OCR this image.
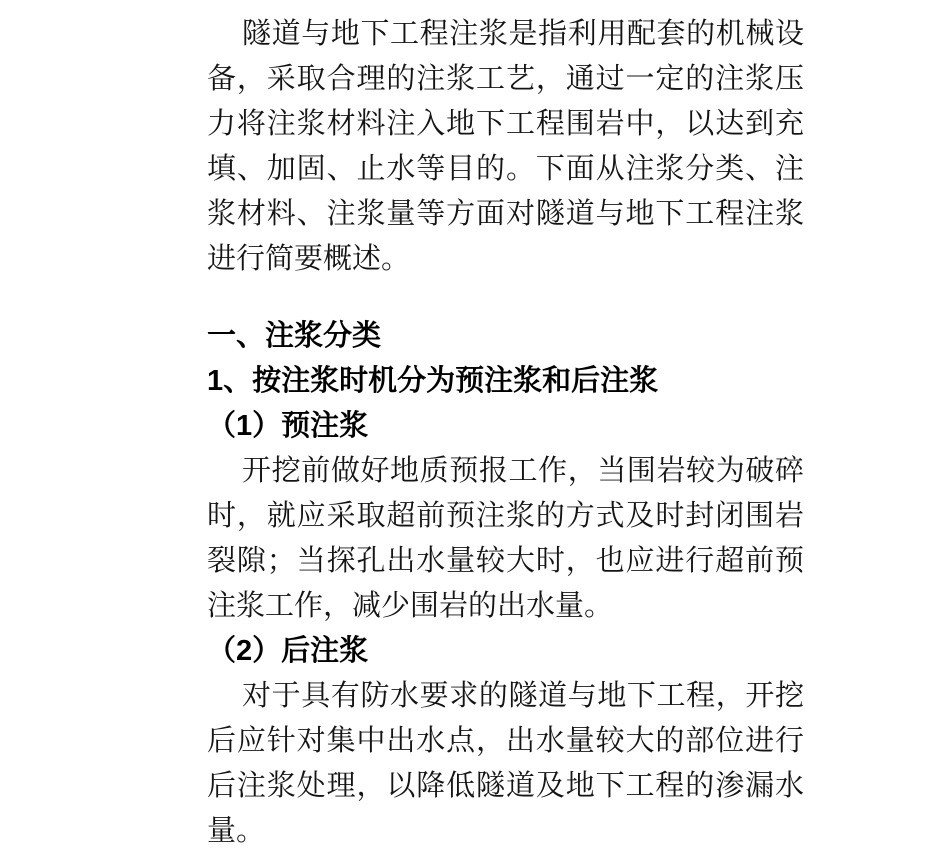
隧道与地下工程注浆是指利用配套的机械设备，采取合理的注浆工艺，通过一定的注浆压力将注浆材料注入地下工程围岩中，以达到充填、加固、止水等目的。下面从注浆分类、注浆材料、注浆量等方面对隧道与地下工程注浆进行简要概述。

一、注浆分类
1、按注浆时机分为预注浆和后注浆
（1）预注浆

开挖前做好地质预报工作，当围岩较为破碎时，就应采取超前预注浆的方式及时封闭围岩裂隙；当探孔出水量较大时，也应进行超前预注浆工作，减少围岩的出水量。

（2）后注浆

对于具有防水要求的隧道与地下工程，开挖后应针对集中出水点，出水量较大的部位进行后注浆处理，以降低隧道及地下工程的渗漏水量。
